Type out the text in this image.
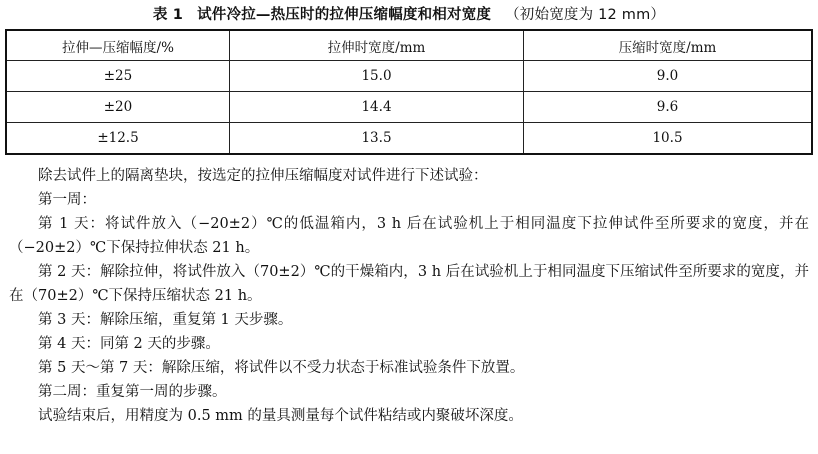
表 1 试件冷拉—热压时的拉伸压缩幅度和相对宽度 （初始宽度为 12 mm）
拉伸—压缩幅度/%	拉伸时宽度/mm	压缩时宽度/mm
±25	15.0	9.0
±20	14.4	9.6
±12.5	13.5	10.5

除去试件上的隔离垫块，按选定的拉伸压缩幅度对试件进行下述试验：

第一周：

第 1 天：将试件放入（−20±2）℃的低温箱内，3 h 后在试验机上于相同温度下拉伸试件至所要求的宽度，并在（−20±2）℃下保持拉伸状态 21 h。

第 2 天：解除拉伸，将试件放入（70±2）℃的干燥箱内，3 h 后在试验机上于相同温度下压缩试件至所要求的宽度，并在（70±2）℃下保持压缩状态 21 h。

第 3 天：解除压缩，重复第 1 天步骤。

第 4 天：同第 2 天的步骤。

第 5 天～第 7 天：解除压缩，将试件以不受力状态于标准试验条件下放置。

第二周：重复第一周的步骤。

试验结束后，用精度为 0.5 mm 的量具测量每个试件粘结或内聚破坏深度。
